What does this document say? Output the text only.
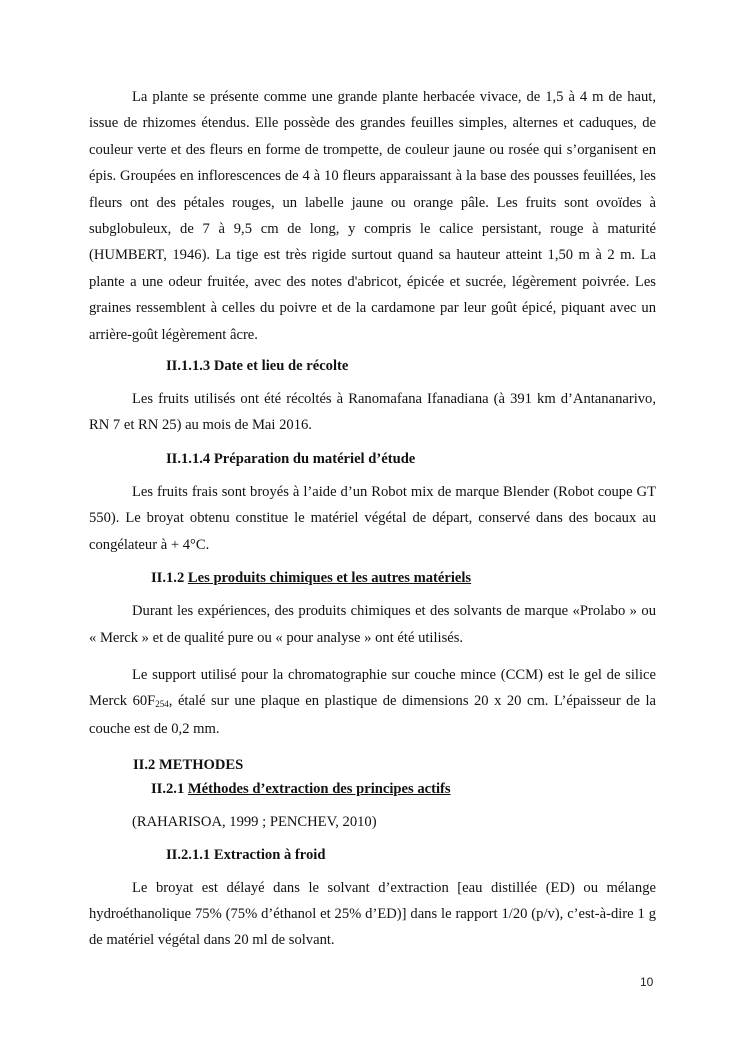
La plante se présente comme une grande plante herbacée vivace, de 1,5 à 4 m de haut, issue de rhizomes étendus. Elle possède des grandes feuilles simples, alternes et caduques, de couleur verte et des fleurs en forme de trompette, de couleur jaune ou rosée qui s’organisent en épis. Groupées en inflorescences de 4 à 10 fleurs apparaissant à la base des pousses feuillées, les fleurs ont des pétales rouges, un labelle jaune ou orange pâle. Les fruits sont ovoïdes à subglobuleux, de 7 à 9,5 cm de long, y compris le calice persistant, rouge à maturité (HUMBERT, 1946). La tige est très rigide surtout quand sa hauteur atteint 1,50 m à 2 m. La plante a une odeur fruitée, avec des notes d'abricot, épicée et sucrée, légèrement poivrée. Les graines ressemblent à celles du poivre et de la cardamone par leur goût épicé, piquant avec un arrière-goût légèrement âcre.

II.1.1.3 Date et lieu de récolte

Les fruits utilisés ont été récoltés à Ranomafana Ifanadiana (à 391 km d’Antananarivo, RN 7 et RN 25) au mois de Mai 2016.

II.1.1.4 Préparation du matériel d’étude

Les fruits frais sont broyés à l’aide d’un Robot mix de marque Blender (Robot coupe GT 550). Le broyat obtenu constitue le matériel végétal de départ, conservé dans des bocaux au congélateur à + 4°C.

II.1.2 Les produits chimiques et les autres matériels

Durant les expériences, des produits chimiques et des solvants de marque «Prolabo » ou « Merck » et de qualité pure ou « pour analyse » ont été utilisés.

Le support utilisé pour la chromatographie sur couche mince (CCM) est le gel de silice Merck $60F_{254}$, étalé sur une plaque en plastique de dimensions 20 x 20 cm. L’épaisseur de la couche est de 0,2 mm.

II.2 METHODES
II.2.1 Méthodes d’extraction des principes actifs

(RAHARISOA, 1999 ; PENCHEV, 2010)

II.2.1.1 Extraction à froid

Le broyat est délayé dans le solvant d’extraction [eau distillée (ED) ou mélange hydroéthanolique 75% (75% d’éthanol et 25% d’ED)] dans le rapport 1/20 (p/v), c’est-à-dire 1 g de matériel végétal dans 20 ml de solvant.

10
